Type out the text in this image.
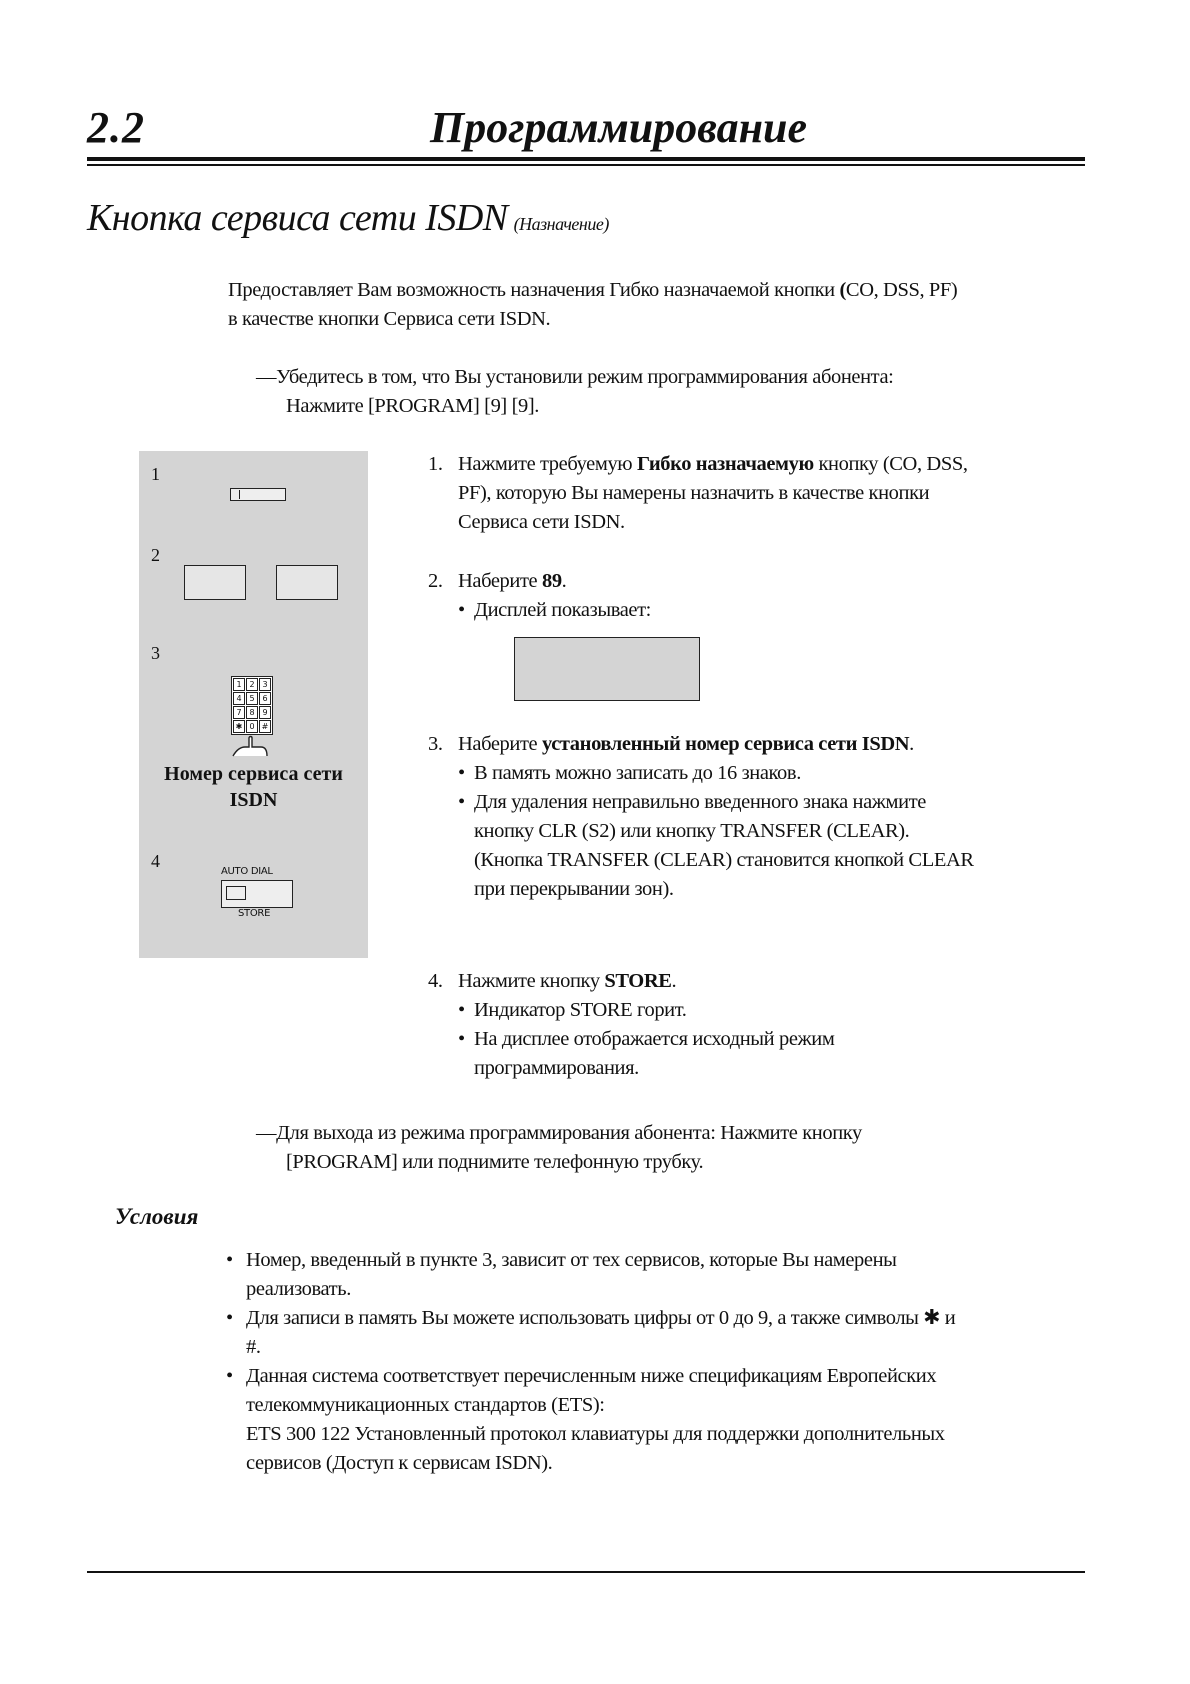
2.2	Программирование
Кнопка сервиса сети ISDN (Назначение)
Предоставляет Вам возможность назначения Гибко назначаемой кнопки (CO, DSS, PF)
в качестве кнопки Сервиса сети ISDN.
—Убедитесь в том, что Вы установили режим программирования абонента:
Нажмите [PROGRAM] [9] [9].
1
2
3
1 2 3
4 5 6
7 8 9
✱ 0 #
Номер сервиса сети
ISDN
4
AUTO DIAL
STORE
1. Нажмите требуемую Гибко назначаемую кнопку (CO, DSS,
PF), которую Вы намерены назначить в качестве кнопки
Сервиса сети ISDN.
2. Наберите 89.
• Дисплей показывает:
3. Наберите установленный номер сервиса сети ISDN.
• В память можно записать до 16 знаков.
• Для удаления неправильно введенного знака нажмите
кнопку CLR (S2) или кнопку TRANSFER (CLEAR).
(Кнопка TRANSFER (CLEAR) становится кнопкой CLEAR
при перекрывании зон).
4. Нажмите кнопку STORE.
• Индикатор STORE горит.
• На дисплее отображается исходный режим
программирования.
—Для выхода из режима программирования абонента: Нажмите кнопку
[PROGRAM] или поднимите телефонную трубку.
Условия
• Номер, введенный в пункте 3, зависит от тех сервисов, которые Вы намерены
реализовать.
• Для записи в память Вы можете использовать цифры от 0 до 9, а также символы ✱ и
#.
• Данная система соответствует перечисленным ниже спецификациям Европейских
телекоммуникационных стандартов (ETS):
ETS 300 122 Установленный протокол клавиатуры для поддержки дополнительных
сервисов (Доступ к сервисам ISDN).
